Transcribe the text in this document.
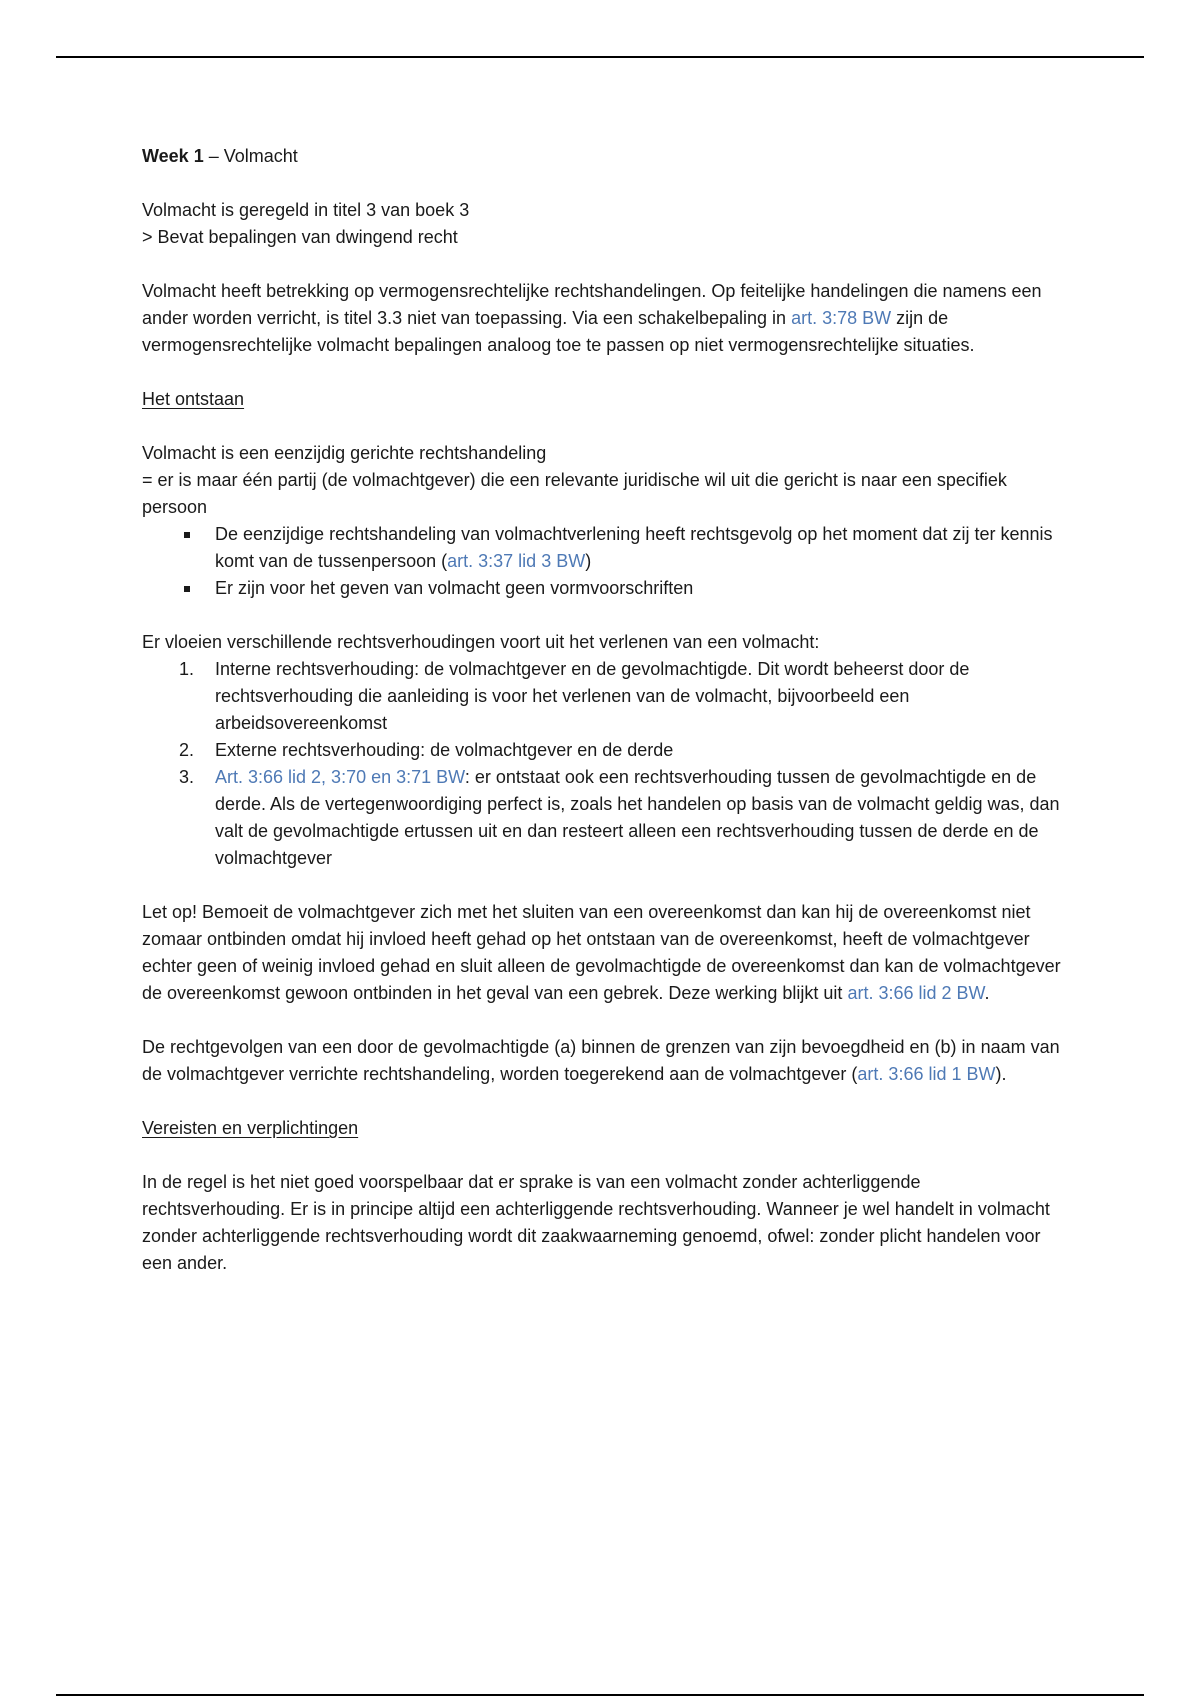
Week 1 – Volmacht

Volmacht is geregeld in titel 3 van boek 3
> Bevat bepalingen van dwingend recht

Volmacht heeft betrekking op vermogensrechtelijke rechtshandelingen. Op feitelijke handelingen die namens een ander worden verricht, is titel 3.3 niet van toepassing. Via een schakelbepaling in art. 3:78 BW zijn de vermogensrechtelijke volmacht bepalingen analoog toe te passen op niet vermogensrechtelijke situaties.

Het ontstaan

Volmacht is een eenzijdig gerichte rechtshandeling
= er is maar één partij (de volmachtgever) die een relevante juridische wil uit die gericht is naar een specifiek persoon

De eenzijdige rechtshandeling van volmachtverlening heeft rechtsgevolg op het moment dat zij ter kennis komt van de tussenpersoon (art. 3:37 lid 3 BW)
Er zijn voor het geven van volmacht geen vormvoorschriften

Er vloeien verschillende rechtsverhoudingen voort uit het verlenen van een volmacht:

1. Interne rechtsverhouding: de volmachtgever en de gevolmachtigde. Dit wordt beheerst door de rechtsverhouding die aanleiding is voor het verlenen van de volmacht, bijvoorbeeld een arbeidsovereenkomst
2. Externe rechtsverhouding: de volmachtgever en de derde
3. Art. 3:66 lid 2, 3:70 en 3:71 BW: er ontstaat ook een rechtsverhouding tussen de gevolmachtigde en de derde. Als de vertegenwoordiging perfect is, zoals het handelen op basis van de volmacht geldig was, dan valt de gevolmachtigde ertussen uit en dan resteert alleen een rechtsverhouding tussen de derde en de volmachtgever

Let op! Bemoeit de volmachtgever zich met het sluiten van een overeenkomst dan kan hij de overeenkomst niet zomaar ontbinden omdat hij invloed heeft gehad op het ontstaan van de overeenkomst, heeft de volmachtgever echter geen of weinig invloed gehad en sluit alleen de gevolmachtigde de overeenkomst dan kan de volmachtgever de overeenkomst gewoon ontbinden in het geval van een gebrek. Deze werking blijkt uit art. 3:66 lid 2 BW.

De rechtgevolgen van een door de gevolmachtigde (a) binnen de grenzen van zijn bevoegdheid en (b) in naam van de volmachtgever verrichte rechtshandeling, worden toegerekend aan de volmachtgever (art. 3:66 lid 1 BW).

Vereisten en verplichtingen

In de regel is het niet goed voorspelbaar dat er sprake is van een volmacht zonder achterliggende rechtsverhouding. Er is in principe altijd een achterliggende rechtsverhouding. Wanneer je wel handelt in volmacht zonder achterliggende rechtsverhouding wordt dit zaakwaarneming genoemd, ofwel: zonder plicht handelen voor een ander.
